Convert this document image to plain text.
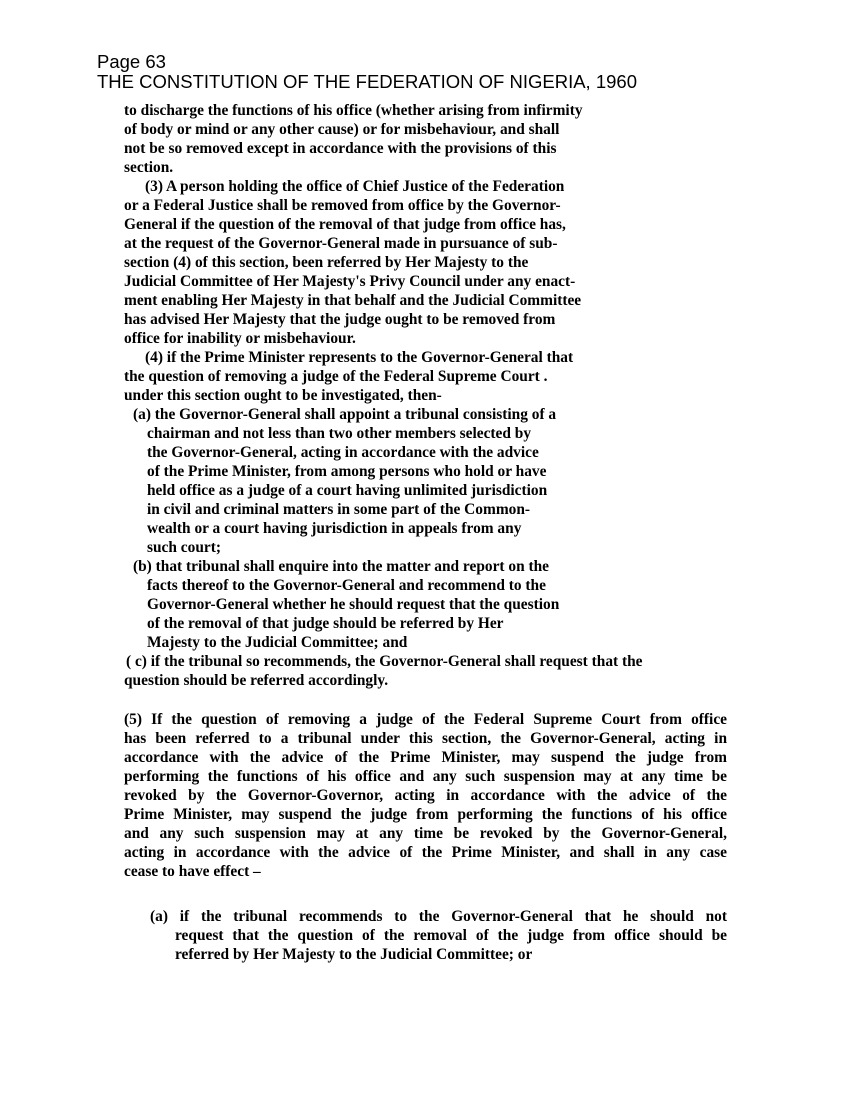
Page 63
THE CONSTITUTION OF THE FEDERATION OF NIGERIA, 1960
to discharge the functions of his office (whether arising from infirmity
of body or mind or any other cause) or for misbehaviour, and shall
not be so removed except in accordance with the provisions of this
section.
(3) A person holding the office of Chief Justice of the Federation
or a Federal Justice shall be removed from office by the Governor-
General if the question of the removal of that judge from office has,
at the request of the Governor-General made in pursuance of sub-
section (4) of this section, been referred by Her Majesty to the
Judicial Committee of Her Majesty's Privy Council under any enact-
ment enabling Her Majesty in that behalf and the Judicial Committee
has advised Her Majesty that the judge ought to be removed from
office for inability or misbehaviour.
(4) if the Prime Minister represents to the Governor-General that
the question of removing a judge of the Federal Supreme Court .
under this section ought to be investigated, then-
(a) the Governor-General shall appoint a tribunal consisting of a
chairman and not less than two other members selected by
the Governor-General, acting in accordance with the advice
of the Prime Minister, from among persons who hold or have
held office as a judge of a court having unlimited jurisdiction
in civil and criminal matters in some part of the Common-
wealth or a court having jurisdiction in appeals from any
such court;
(b) that tribunal shall enquire into the matter and report on the
facts thereof to the Governor-General and recommend to the
Governor-General whether he should request that the question
of the removal of that judge should be referred by Her
Majesty to the Judicial Committee; and
( c) if the tribunal so recommends, the Governor-General shall request that the
question should be referred accordingly.
(5) If the question of removing a judge of the Federal Supreme Court from office
has been referred to a tribunal under this section, the Governor-General, acting in
accordance with the advice of the Prime Minister, may suspend the judge from
performing the functions of his office and any such suspension may at any time be
revoked by the Governor-Governor, acting in accordance with the advice of the
Prime Minister, may suspend the judge from performing the functions of his office
and any such suspension may at any time be revoked by the Governor-General,
acting in accordance with the advice of the Prime Minister, and shall in any case
cease to have effect –
(a) if the tribunal recommends to the Governor-General that he should not
request that the question of the removal of the judge from office should be
referred by Her Majesty to the Judicial Committee; or
